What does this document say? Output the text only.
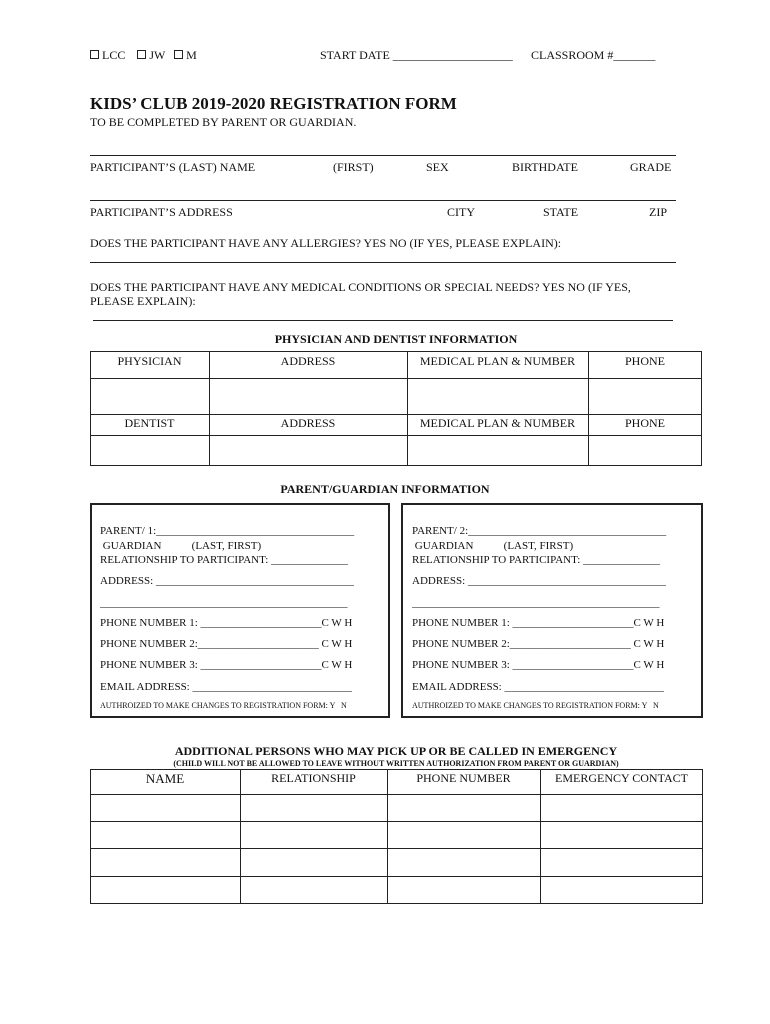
LCC JW M	START DATE ____________________ CLASSROOM #_______
KIDS’ CLUB 2019-2020 REGISTRATION FORM
TO BE COMPLETED BY PARENT OR GUARDIAN.
PARTICIPANT’S (LAST) NAME	(FIRST)	SEX	BIRTHDATE	GRADE
PARTICIPANT’S ADDRESS	CITY	STATE	ZIP
DOES THE PARTICIPANT HAVE ANY ALLERGIES? YES NO (IF YES, PLEASE EXPLAIN):
DOES THE PARTICIPANT HAVE ANY MEDICAL CONDITIONS OR SPECIAL NEEDS? YES NO (IF YES,
PLEASE EXPLAIN):
PHYSICIAN AND DENTIST INFORMATION
PHYSICIAN	ADDRESS	MEDICAL PLAN & NUMBER	PHONE
DENTIST	ADDRESS	MEDICAL PLAN & NUMBER	PHONE
PARENT/GUARDIAN INFORMATION
PARENT/ 1:____________________________________
GUARDIAN           (LAST, FIRST)
RELATIONSHIP TO PARTICIPANT: ______________
ADDRESS: ____________________________________
_____________________________________________
PHONE NUMBER 1: ______________________C W H
PHONE NUMBER 2:______________________ C W H
PHONE NUMBER 3: ______________________C W H
EMAIL ADDRESS: _____________________________
AUTHROIZED TO MAKE CHANGES TO REGISTRATION FORM: Y   N
PARENT/ 2:____________________________________
GUARDIAN           (LAST, FIRST)
RELATIONSHIP TO PARTICIPANT: ______________
ADDRESS: ____________________________________
_____________________________________________
PHONE NUMBER 1: ______________________C W H
PHONE NUMBER 2:______________________ C W H
PHONE NUMBER 3: ______________________C W H
EMAIL ADDRESS: _____________________________
AUTHROIZED TO MAKE CHANGES TO REGISTRATION FORM: Y   N
ADDITIONAL PERSONS WHO MAY PICK UP OR BE CALLED IN EMERGENCY
(CHILD WILL NOT BE ALLOWED TO LEAVE WITHOUT WRITTEN AUTHORIZATION FROM PARENT OR GUARDIAN)
NAME	RELATIONSHIP	PHONE NUMBER	EMERGENCY CONTACT
